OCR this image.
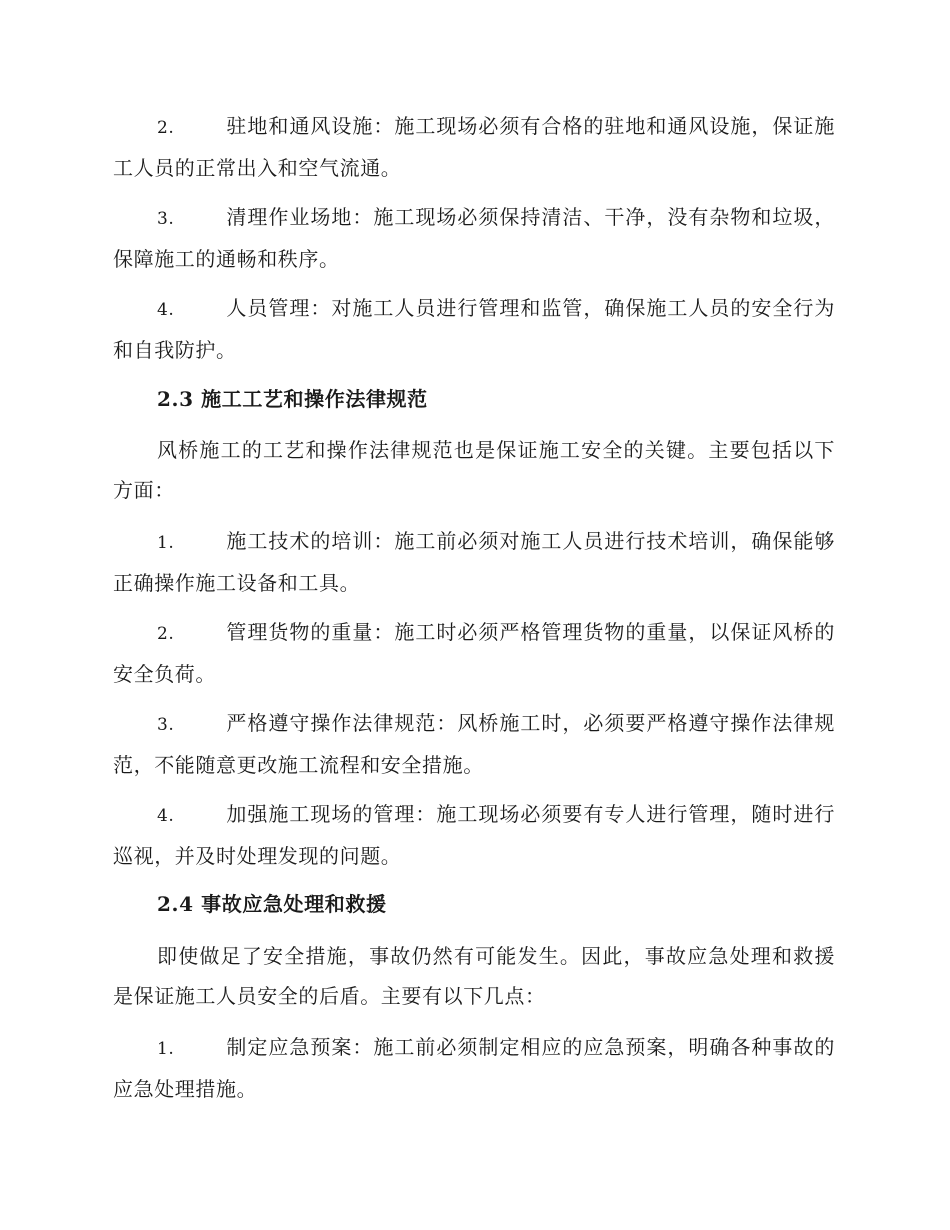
2.	驻地和通风设施：施工现场必须有合格的驻地和通风设施，保证施工人员的正常出入和空气流通。

3.	清理作业场地：施工现场必须保持清洁、干净，没有杂物和垃圾，保障施工的通畅和秩序。

4.	人员管理：对施工人员进行管理和监管，确保施工人员的安全行为和自我防护。

2.3 施工工艺和操作法律规范

风桥施工的工艺和操作法律规范也是保证施工安全的关键。主要包括以下方面：

1.	施工技术的培训：施工前必须对施工人员进行技术培训，确保能够正确操作施工设备和工具。

2.	管理货物的重量：施工时必须严格管理货物的重量，以保证风桥的安全负荷。

3.	严格遵守操作法律规范：风桥施工时，必须要严格遵守操作法律规范，不能随意更改施工流程和安全措施。

4.	加强施工现场的管理：施工现场必须要有专人进行管理，随时进行巡视，并及时处理发现的问题。

2.4 事故应急处理和救援

即使做足了安全措施，事故仍然有可能发生。因此，事故应急处理和救援是保证施工人员安全的后盾。主要有以下几点：

1.	制定应急预案：施工前必须制定相应的应急预案，明确各种事故的应急处理措施。
